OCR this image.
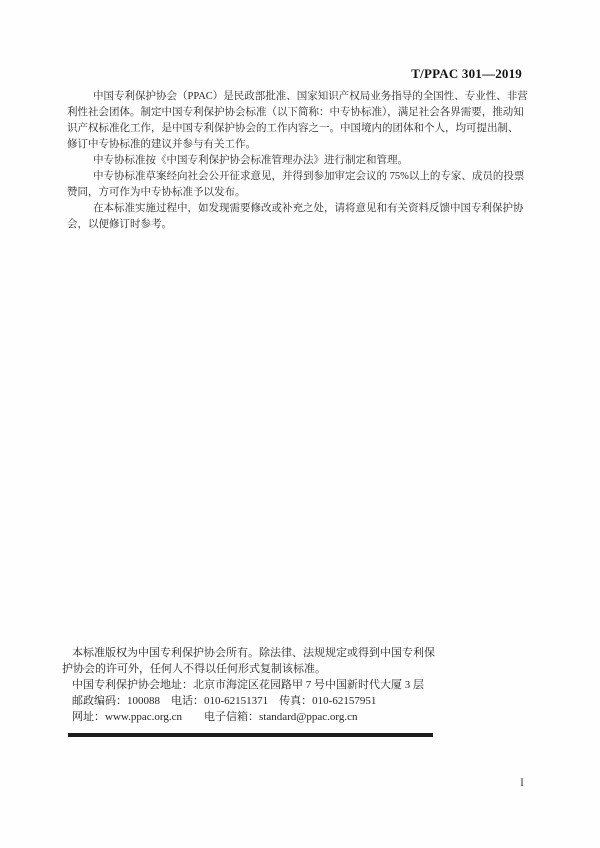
T/PPAC 301—2019
中国专利保护协会（PPAC）是民政部批准、国家知识产权局业务指导的全国性、专业性、非营
利性社会团体。制定中国专利保护协会标准（以下简称：中专协标准），满足社会各界需要，推动知
识产权标准化工作，是中国专利保护协会的工作内容之一。中国境内的团体和个人，均可提出制、
修订中专协标准的建议并参与有关工作。
中专协标准按《中国专利保护协会标准管理办法》进行制定和管理。
中专协标准草案经向社会公开征求意见，并得到参加审定会议的 75%以上的专家、成员的投票
赞同，方可作为中专协标准予以发布。
在本标准实施过程中，如发现需要修改或补充之处，请将意见和有关资料反馈中国专利保护协
会，以便修订时参考。
本标准版权为中国专利保护协会所有。除法律、法规规定或得到中国专利保
护协会的许可外，任何人不得以任何形式复制该标准。
中国专利保护协会地址：北京市海淀区花园路甲 7 号中国新时代大厦 3 层
邮政编码：100088　电话：010-62151371　传真：010-62157951
网址：www.ppac.org.cn　　电子信箱：standard@ppac.org.cn
I
